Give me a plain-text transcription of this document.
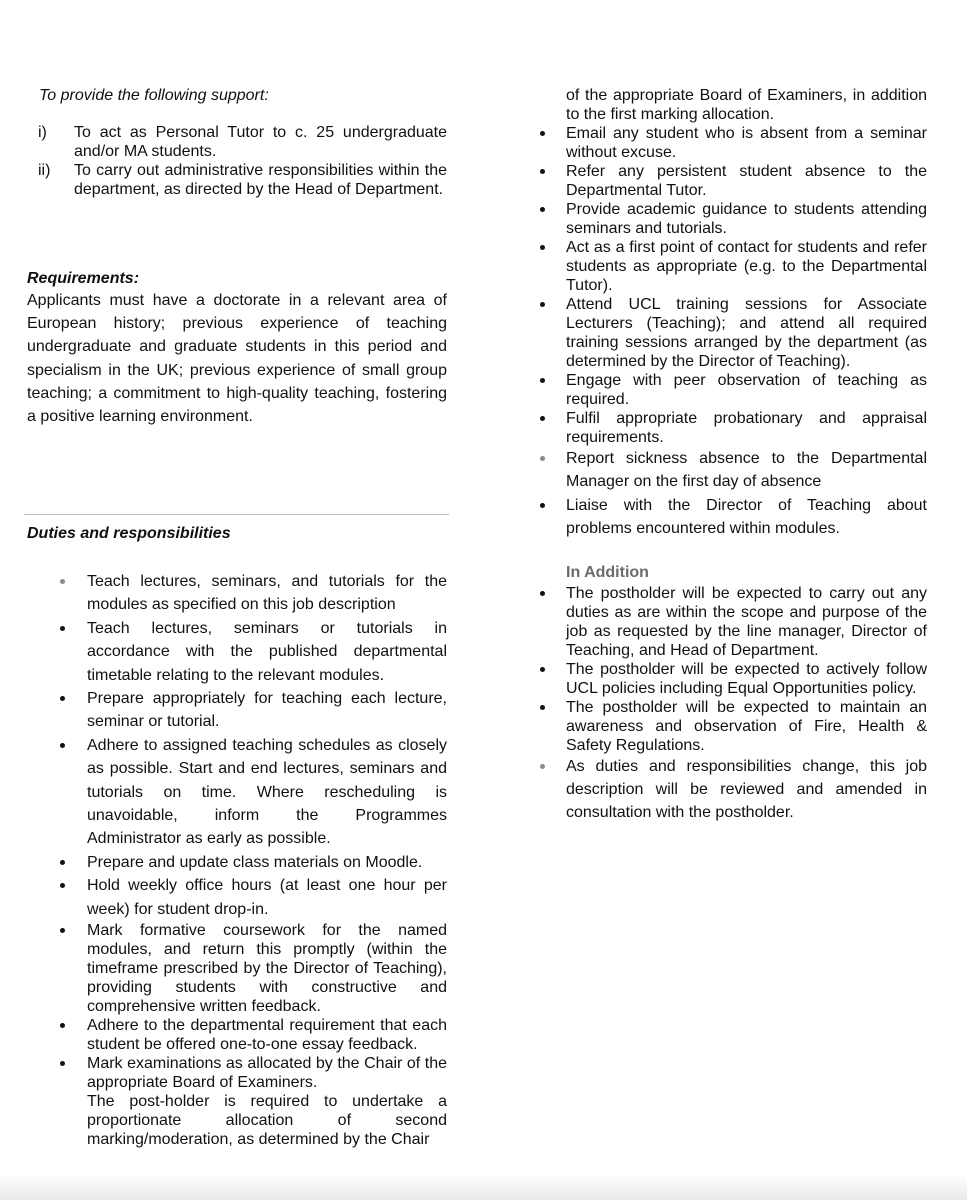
To provide the following support:

i) To act as Personal Tutor to c. 25 undergraduate and/or MA students.
ii) To carry out administrative responsibilities within the department, as directed by the Head of Department.

Requirements:

Applicants must have a doctorate in a relevant area of European history; previous experience of teaching undergraduate and graduate students in this period and specialism in the UK; previous experience of small group teaching; a commitment to high-quality teaching, fostering a positive learning environment.

Duties and responsibilities

Teach lectures, seminars, and tutorials for the modules as specified on this job description
Teach lectures, seminars or tutorials in accordance with the published departmental timetable relating to the relevant modules.
Prepare appropriately for teaching each lecture, seminar or tutorial.
Adhere to assigned teaching schedules as closely as possible. Start and end lectures, seminars and tutorials on time. Where rescheduling is unavoidable, inform the Programmes Administrator as early as possible.
Prepare and update class materials on Moodle.
Hold weekly office hours (at least one hour per week) for student drop-in.
Mark formative coursework for the named modules, and return this promptly (within the timeframe prescribed by the Director of Teaching), providing students with constructive and comprehensive written feedback.
Adhere to the departmental requirement that each student be offered one-to-one essay feedback.
Mark examinations as allocated by the Chair of the appropriate Board of Examiners.

The post-holder is required to undertake a proportionate allocation of second marking/moderation, as determined by the Chair

of the appropriate Board of Examiners, in addition to the first marking allocation.

Email any student who is absent from a seminar without excuse.
Refer any persistent student absence to the Departmental Tutor.
Provide academic guidance to students attending seminars and tutorials.
Act as a first point of contact for students and refer students as appropriate (e.g. to the Departmental Tutor).
Attend UCL training sessions for Associate Lecturers (Teaching); and attend all required training sessions arranged by the department (as determined by the Director of Teaching).
Engage with peer observation of teaching as required.
Fulfil appropriate probationary and appraisal requirements.
Report sickness absence to the Departmental Manager on the first day of absence
Liaise with the Director of Teaching about problems encountered within modules.

In Addition

The postholder will be expected to carry out any duties as are within the scope and purpose of the job as requested by the line manager, Director of Teaching, and Head of Department.
The postholder will be expected to actively follow UCL policies including Equal Opportunities policy.
The postholder will be expected to maintain an awareness and observation of Fire, Health & Safety Regulations.
As duties and responsibilities change, this job description will be reviewed and amended in consultation with the postholder.
